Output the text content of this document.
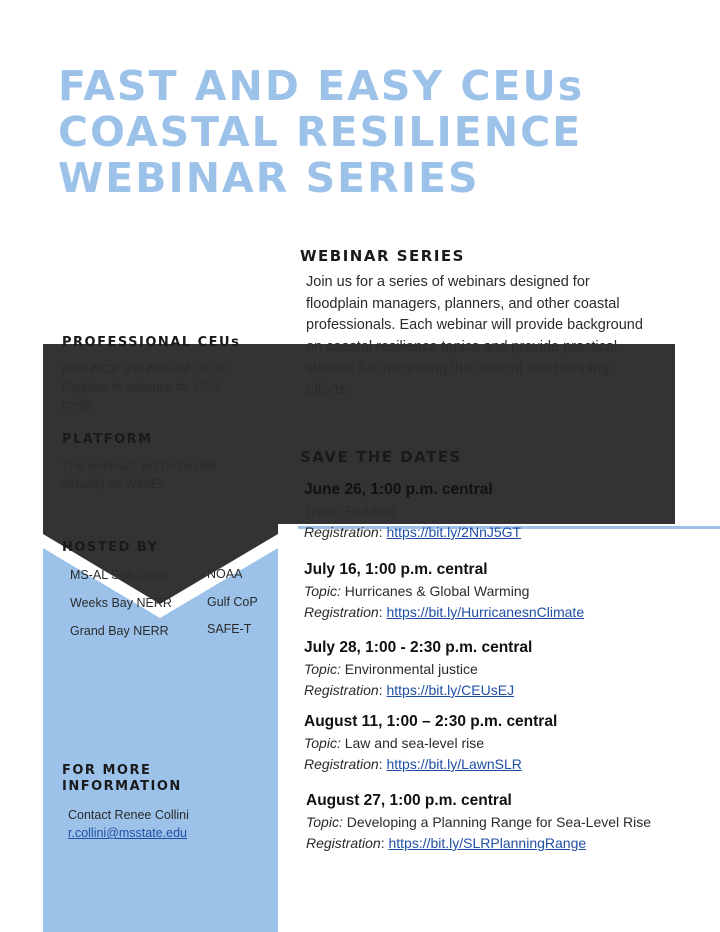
FAST AND EASY CEUs
COASTAL RESILIENCE
WEBINAR SERIES
PROFESSIONAL CEUs
Both AICP and ASFPM CEUs.
Register in advance for CEU
credit.
PLATFORM
The webinars will be hosted
virtually on WebEx.
HOSTED BY
MS-AL Sea Grant
Weeks Bay NERR
Grand Bay NERR
NOAA
Gulf CoP
SAFE-T
FOR MORE
INFORMATION
Contact Renee Collini
r.collini@msstate.edu
WEBINAR SERIES
Join us for a series of webinars designed for
floodplain managers, planners, and other coastal
professionals. Each webinar will provide background
on coastal resilience topics and provide practical
support for integrating the content into planning
efforts.
SAVE THE DATES
June 26, 1:00 p.m. central
Topic: Fortified
Registration: https://bit.ly/2NnJ5GT
July 16, 1:00 p.m. central
Topic: Hurricanes & Global Warming
Registration: https://bit.ly/HurricanesnClimate
July 28, 1:00 - 2:30 p.m. central
Topic: Environmental justice
Registration: https://bit.ly/CEUsEJ
August 11, 1:00 – 2:30 p.m. central
Topic: Law and sea-level rise
Registration: https://bit.ly/LawnSLR
August 27, 1:00 p.m. central
Topic: Developing a Planning Range for Sea-Level Rise
Registration: https://bit.ly/SLRPlanningRange
